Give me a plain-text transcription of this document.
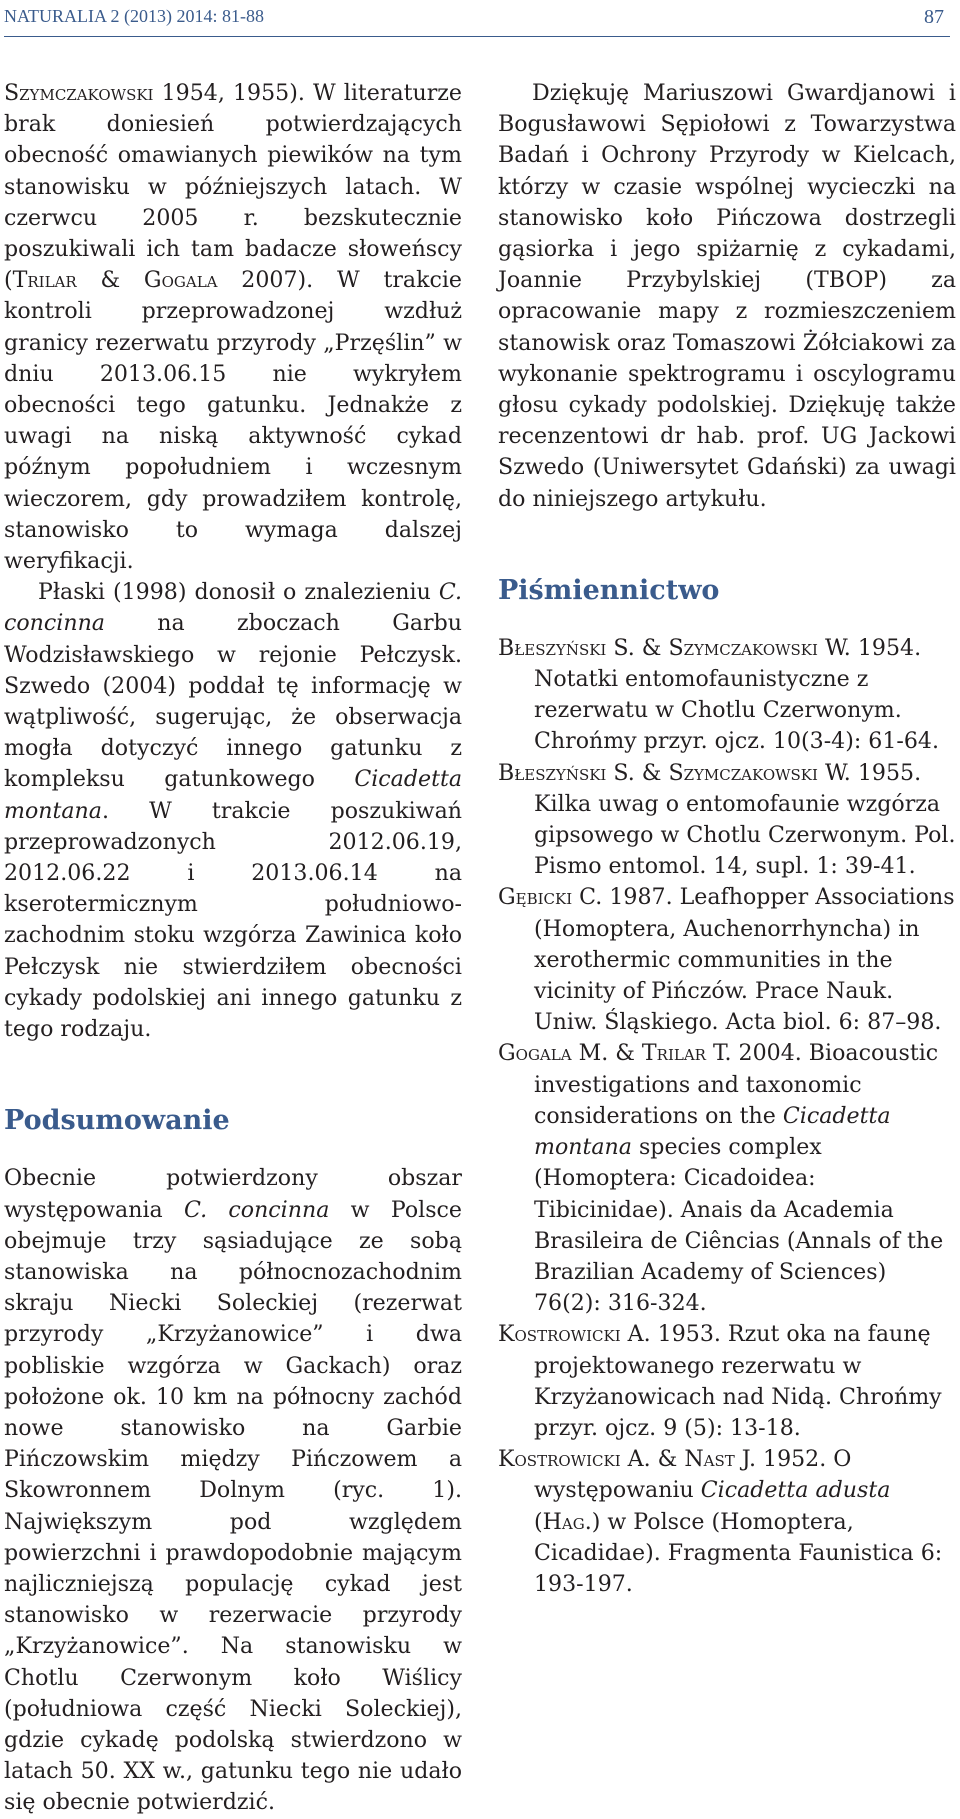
NATURALIA 2 (2013) 2014: 81-88	87

Szymczakowski 1954, 1955). W literaturze brak doniesień potwierdzających obecność omawianych piewików na tym stanowisku w późniejszych latach. W czerwcu 2005 r. bezskutecznie poszukiwali ich tam badacze słoweńscy (Trilar & Gogala 2007). W trakcie kontroli przeprowadzonej wzdłuż granicy rezerwatu przyrody „Przęślin” w dniu 2013.06.15 nie wykryłem obecności tego gatunku. Jednakże z uwagi na niską aktywność cykad późnym popołudniem i wczesnym wieczorem, gdy prowadziłem kontrolę, stanowisko to wymaga dalszej weryfikacji.

Płaski (1998) donosił o znalezieniu C. concinna na zboczach Garbu Wodzisławskiego w rejonie Pełczysk. Szwedo (2004) poddał tę informację w wątpliwość, sugerując, że obserwacja mogła dotyczyć innego gatunku z kompleksu gatunkowego Cicadetta montana. W trakcie poszukiwań przeprowadzonych 2012.06.19, 2012.06.22 i 2013.06.14 na kserotermicznym południowo-zachodnim stoku wzgórza Zawinica koło Pełczysk nie stwierdziłem obecności cykady podolskiej ani innego gatunku z tego rodzaju.

Podsumowanie

Obecnie potwierdzony obszar występowania C. concinna w Polsce obejmuje trzy sąsiadujące ze sobą stanowiska na północnozachodnim skraju Niecki Soleckiej (rezerwat przyrody „Krzyżanowice” i dwa pobliskie wzgórza w Gackach) oraz położone ok. 10 km na północny zachód nowe stanowisko na Garbie Pińczowskim między Pińczowem a Skowronnem Dolnym (ryc. 1). Największym pod względem powierzchni i prawdopodobnie mającym najliczniejszą populację cykad jest stanowisko w rezerwacie przyrody „Krzyżanowice”. Na stanowisku w Chotlu Czerwonym koło Wiślicy (południowa część Niecki Soleckiej), gdzie cykadę podolską stwierdzono w latach 50. XX w., gatunku tego nie udało się obecnie potwierdzić.

Dziękuję Mariuszowi Gwardjanowi i Bogusławowi Sępiołowi z Towarzystwa Badań i Ochrony Przyrody w Kielcach, którzy w czasie wspólnej wycieczki na stanowisko koło Pińczowa dostrzegli gąsiorka i jego spiżarnię z cykadami, Joannie Przybylskiej (TBOP) za opracowanie mapy z rozmieszczeniem stanowisk oraz Tomaszowi Żółciakowi za wykonanie spektrogramu i oscylogramu głosu cykady podolskiej. Dziękuję także recenzentowi dr hab. prof. UG Jackowi Szwedo (Uniwersytet Gdański) za uwagi do niniejszego artykułu.

Piśmiennictwo

Błeszyński S. & Szymczakowski W. 1954. Notatki entomofaunistyczne z rezerwatu w Chotlu Czerwonym. Chrońmy przyr. ojcz. 10(3-4): 61-64.

Błeszyński S. & Szymczakowski W. 1955. Kilka uwag o entomofaunie wzgórza gipsowego w Chotlu Czerwonym. Pol. Pismo entomol. 14, supl. 1: 39-41.

Gębicki C. 1987. Leafhopper Associations (Homoptera, Auchenorrhyncha) in xerothermic communities in the vicinity of Pińczów. Prace Nauk. Uniw. Śląskiego. Acta biol. 6: 87–98.

Gogala M. & Trilar T. 2004. Bioacoustic investigations and taxonomic considerations on the Cicadetta montana species complex (Homoptera: Cicadoidea: Tibicinidae). Anais da Academia Brasileira de Ciências (Annals of the Brazilian Academy of Sciences) 76(2): 316-324.

Kostrowicki A. 1953. Rzut oka na faunę projektowanego rezerwatu w Krzyżanowicach nad Nidą. Chrońmy przyr. ojcz. 9 (5): 13-18.

Kostrowicki A. & Nast J. 1952. O występowaniu Cicadetta adusta (Hag.) w Polsce (Homoptera, Cicadidae). Fragmenta Faunistica 6: 193-197.
